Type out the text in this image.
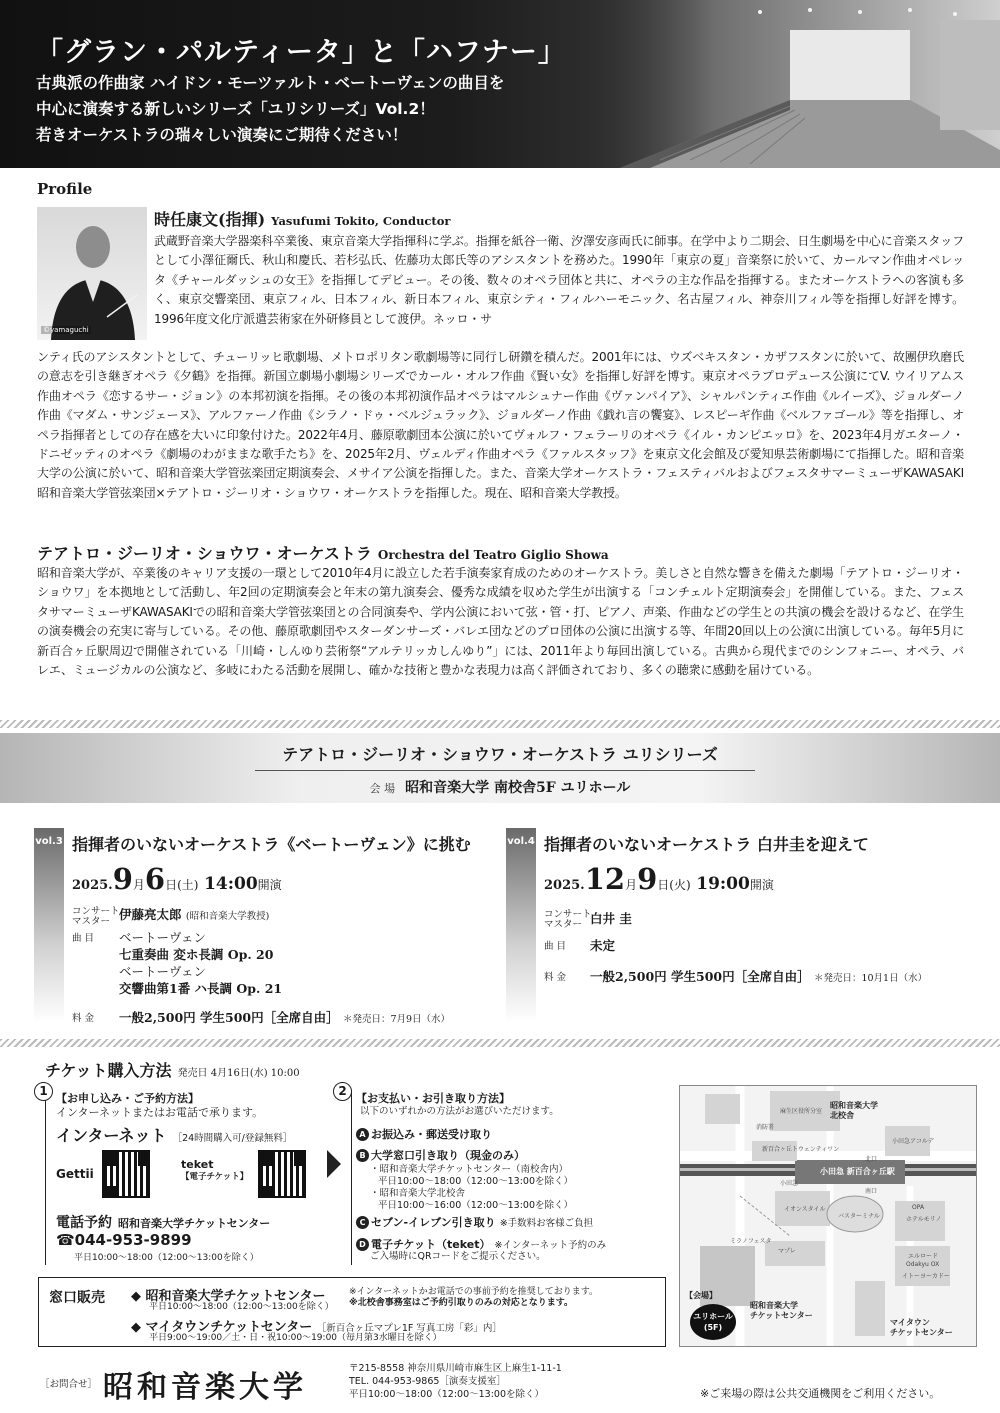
「グラン・パルティータ」と「ハフナー」
古典派の作曲家 ハイドン・モーツァルト・ベートーヴェンの曲目を
中心に演奏する新しいシリーズ「ユリシリーズ」Vol.2！
若きオーケストラの瑞々しい演奏にご期待ください！
Profile
©yamaguchi
時任康文(指揮) Yasufumi Tokito, Conductor
武蔵野音楽大学器楽科卒業後、東京音楽大学指揮科に学ぶ。指揮を紙谷一衛、汐澤安彦両氏に師事。在学中より二期会、日生劇場を中心に音楽スタッフとして小澤征爾氏、秋山和慶氏、若杉弘氏、佐藤功太郎氏等のアシスタントを務めた。1990年「東京の夏」音楽祭に於いて、カールマン作曲オペレッタ《チャールダッシュの女王》を指揮してデビュー。その後、数々のオペラ団体と共に、オペラの主な作品を指揮する。またオーケストラへの客演も多く、東京交響楽団、東京フィル、日本フィル、新日本フィル、東京シティ・フィルハーモニック、名古屋フィル、神奈川フィル等を指揮し好評を博す。1996年度文化庁派遣芸術家在外研修員として渡伊。ネッロ・サ
ンティ氏のアシスタントとして、チューリッヒ歌劇場、メトロポリタン歌劇場等に同行し研鑽を積んだ。2001年には、ウズベキスタン・カザフスタンに於いて、故團伊玖磨氏の意志を引き継ぎオペラ《夕鶴》を指揮。新国立劇場小劇場シリーズでカール・オルフ作曲《賢い女》を指揮し好評を博す。東京オペラプロデュース公演にてV. ウイリアムス作曲オペラ《恋するサー・ジョン》の本邦初演を指揮。その後の本邦初演作品オペラはマルシュナー作曲《ヴァンパイア》、シャルパンティエ作曲《ルイーズ》、ジョルダーノ作曲《マダム・サンジェーヌ》、アルファーノ作曲《シラノ・ドゥ・ベルジュラック》、ジョルダーノ作曲《戯れ言の饗宴》、レスピーギ作曲《ベルファゴール》等を指揮し、オペラ指揮者としての存在感を大いに印象付けた。2022年4月、藤原歌劇団本公演に於いてヴォルフ・フェラーリのオペラ《イル・カンピエッロ》を、2023年4月ガエターノ・ドニゼッティのオペラ《劇場のわがままな歌手たち》を、2025年2月、ヴェルディ作曲オペラ《ファルスタッフ》を東京文化会館及び愛知県芸術劇場にて指揮した。昭和音楽大学の公演に於いて、昭和音楽大学管弦楽団定期演奏会、メサイア公演を指揮した。また、音楽大学オーケストラ・フェスティバルおよびフェスタサマーミューザKAWASAKI昭和音楽大学管弦楽団×テアトロ・ジーリオ・ショウワ・オーケストラを指揮した。現在、昭和音楽大学教授。
テアトロ・ジーリオ・ショウワ・オーケストラ Orchestra del Teatro Giglio Showa
昭和音楽大学が、卒業後のキャリア支援の一環として2010年4月に設立した若手演奏家育成のためのオーケストラ。美しさと自然な響きを備えた劇場「テアトロ・ジーリオ・ショウワ」を本拠地として活動し、年2回の定期演奏会と年末の第九演奏会、優秀な成績を収めた学生が出演する「コンチェルト定期演奏会」を開催している。また、フェスタサマーミューザKAWASAKIでの昭和音楽大学管弦楽団との合同演奏や、学内公演において弦・管・打、ピアノ、声楽、作曲などの学生との共演の機会を設けるなど、在学生の演奏機会の充実に寄与している。その他、藤原歌劇団やスターダンサーズ・バレエ団などのプロ団体の公演に出演する等、年間20回以上の公演に出演している。毎年5月に新百合ヶ丘駅周辺で開催されている「川崎・しんゆり芸術祭“アルテリッカしんゆり”」には、2011年より毎回出演している。古典から現代までのシンフォニー、オペラ、バレエ、ミュージカルの公演など、多岐にわたる活動を展開し、確かな技術と豊かな表現力は高く評価されており、多くの聴衆に感動を届けている。
テアトロ・ジーリオ・ショウワ・オーケストラ ユリシリーズ
会 場 昭和音楽大学 南校舎5F ユリホール
vol.3 指揮者のいないオーケストラ《ベートーヴェン》に挑む
2025.9月6日(土) 14:00開演
コンサート
マスター 伊藤亮太郎 (昭和音楽大学教授)
曲 目 ベートーヴェン
七重奏曲 変ホ長調 Op. 20
ベートーヴェン
交響曲第1番 ハ長調 Op. 21
料 金 一般2,500円 学生500円［全席自由］ ＊発売日：7月9日（水）
vol.4 指揮者のいないオーケストラ 白井圭を迎えて
2025.12月9日(火) 19:00開演
コンサート
マスター 白井 圭
曲 目 未定
料 金 一般2,500円 学生500円［全席自由］ ＊発売日：10月1日（水）
チケット購入方法 発売日 4月16日(水) 10:00
【お申し込み・ご予約方法】
インターネットまたはお電話で承ります。
インターネット ［24時間購入可/登録無料］
Gettii
teket
【電子チケット】
電話予約 昭和音楽大学チケットセンター
☎044-953-9899
平日10:00～18:00（12:00～13:00を除く）
1	2
【お支払い・お引き取り方法】
以下のいずれかの方法がお選びいただけます。
A お振込み・郵送受け取り
B 大学窓口引き取り（現金のみ）
・昭和音楽大学チケットセンター（南校舎内）
平日10:00～18:00（12:00～13:00を除く）
・昭和音楽大学北校舎
平日10:00～16:00（12:00～13:00を除く）
C セブン-イレブン引き取り ※手数料お客様ご負担
D 電子チケット（teket） ※インターネット予約のみ
ご入場時にQRコードをご提示ください。
窓口販売 ◆ 昭和音楽大学チケットセンター
平日10:00～18:00（12:00～13:00を除く）
※インターネットかお電話での事前予約を推奨しております。
※北校舎事務室はご予約引取りのみの対応となります。
◆ マイタウンチケットセンター ［新百合ヶ丘マプレ1F 写真工房「彩」内］
平日9:00～19:00／土・日・祝10:00～19:00（毎月第3水曜日を除く）
［お問合せ］ 昭和音楽大学
〒215-8558 神奈川県川崎市麻生区上麻生1-11-1
TEL. 044-953-9865［演奏支援室］
平日10:00～18:00（12:00～13:00を除く）
昭和音楽大学
北校舎
小田急 新百合ヶ丘駅
麻生区役所分室
消防署
新百合ヶ丘トウェンティワン
小田急
イオンスタイル
バスターミナル
OPA
ホテルモリノ
エルロード
Odakyu OX
イトーヨーカドー
ミラノフェスタ
マプレ
南口
北口
小田急アコルデ
【会場】
ユリホール
(5F)
昭和音楽大学
チケットセンター
マイタウン
チケットセンター
※ご来場の際は公共交通機関をご利用ください。
